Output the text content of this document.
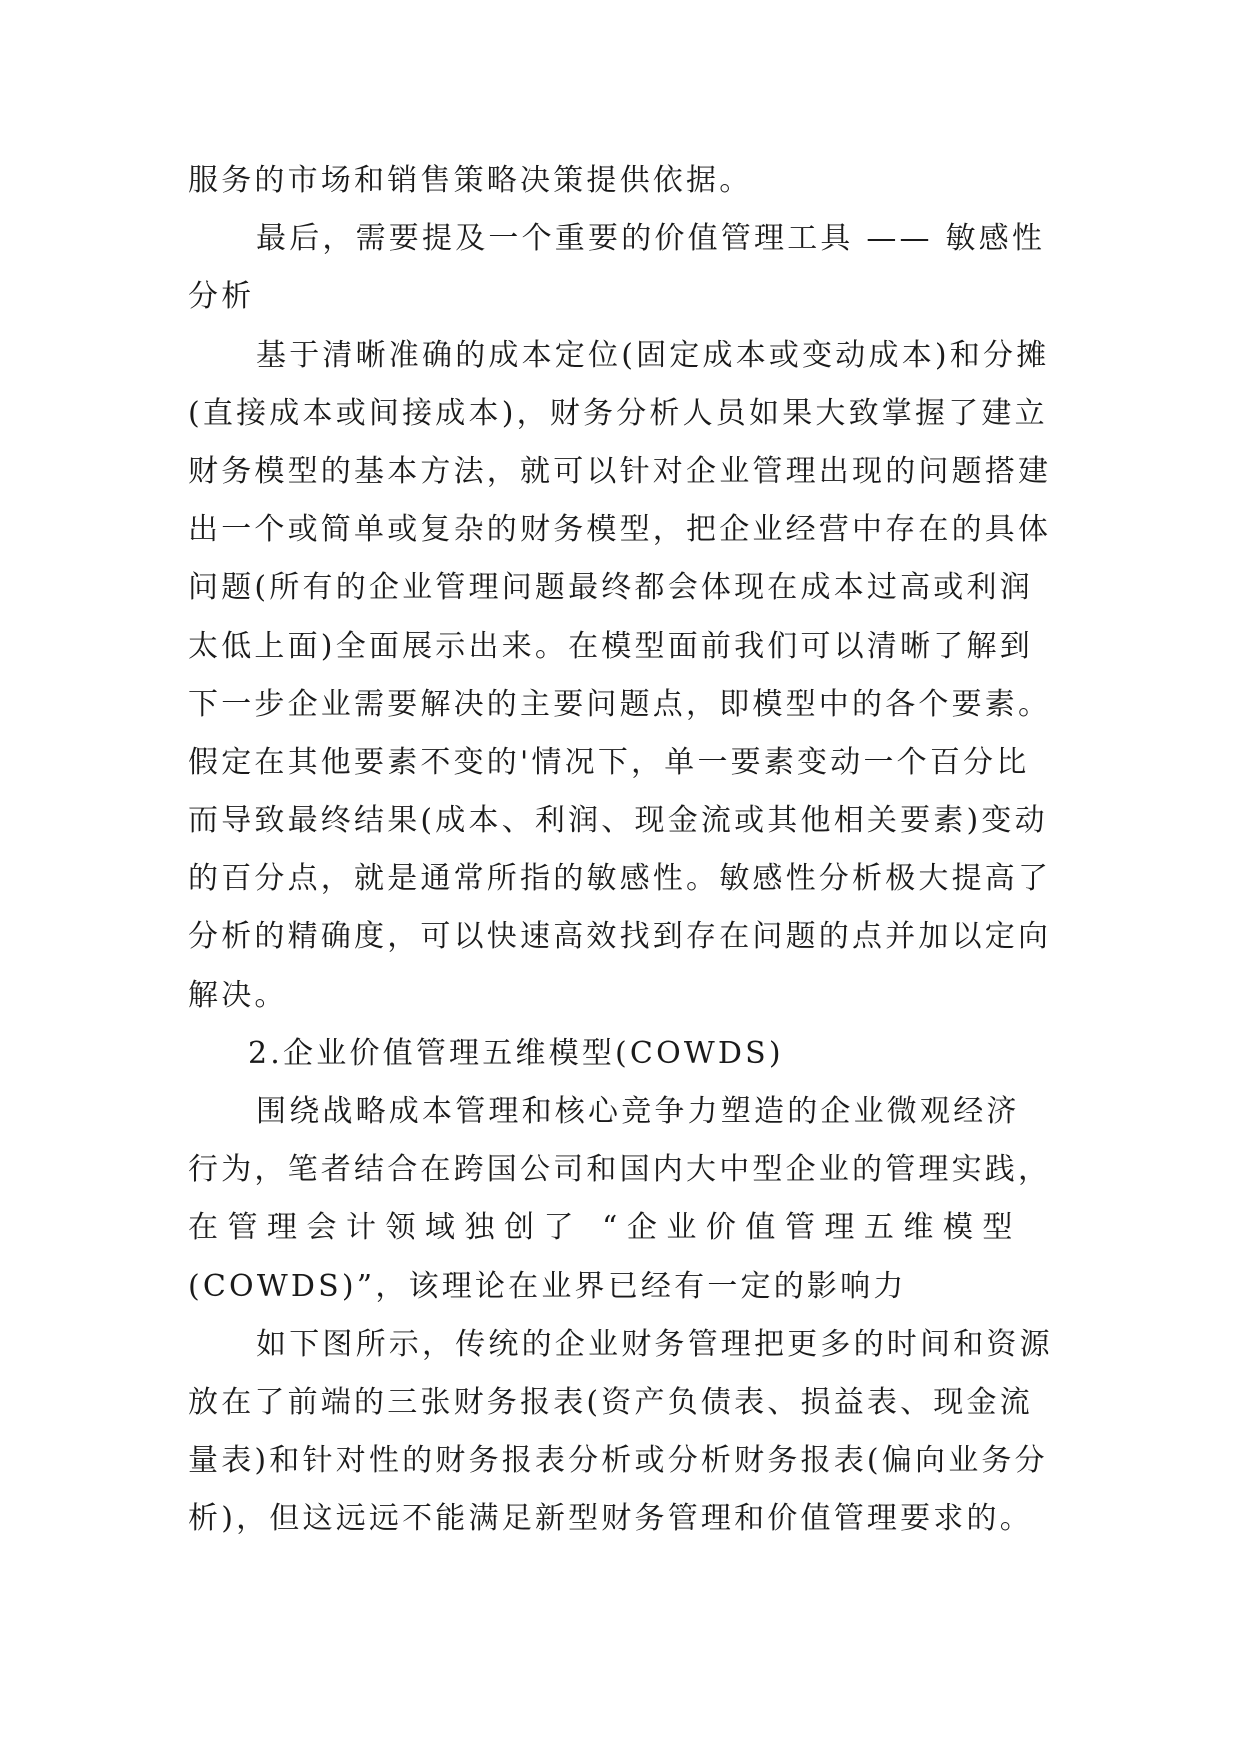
服务的市场和销售策略决策提供依据。
最后，需要提及一个重要的价值管理工具 —— 敏感性
分析
基于清晰准确的成本定位(固定成本或变动成本)和分摊
(直接成本或间接成本)，财务分析人员如果大致掌握了建立
财务模型的基本方法，就可以针对企业管理出现的问题搭建
出一个或简单或复杂的财务模型，把企业经营中存在的具体
问题(所有的企业管理问题最终都会体现在成本过高或利润
太低上面)全面展示出来。在模型面前我们可以清晰了解到
下一步企业需要解决的主要问题点，即模型中的各个要素。
假定在其他要素不变的'情况下，单一要素变动一个百分比
而导致最终结果(成本、利润、现金流或其他相关要素)变动
的百分点，就是通常所指的敏感性。敏感性分析极大提高了
分析的精确度，可以快速高效找到存在问题的点并加以定向
解决。
2.企业价值管理五维模型(COWDS)
围绕战略成本管理和核心竞争力塑造的企业微观经济
行为，笔者结合在跨国公司和国内大中型企业的管理实践，
在管理会计领域独创了 “企业价值管理五维模型
(COWDS)”，该理论在业界已经有一定的影响力
如下图所示，传统的企业财务管理把更多的时间和资源
放在了前端的三张财务报表(资产负债表、损益表、现金流
量表)和针对性的财务报表分析或分析财务报表(偏向业务分
析)，但这远远不能满足新型财务管理和价值管理要求的。
